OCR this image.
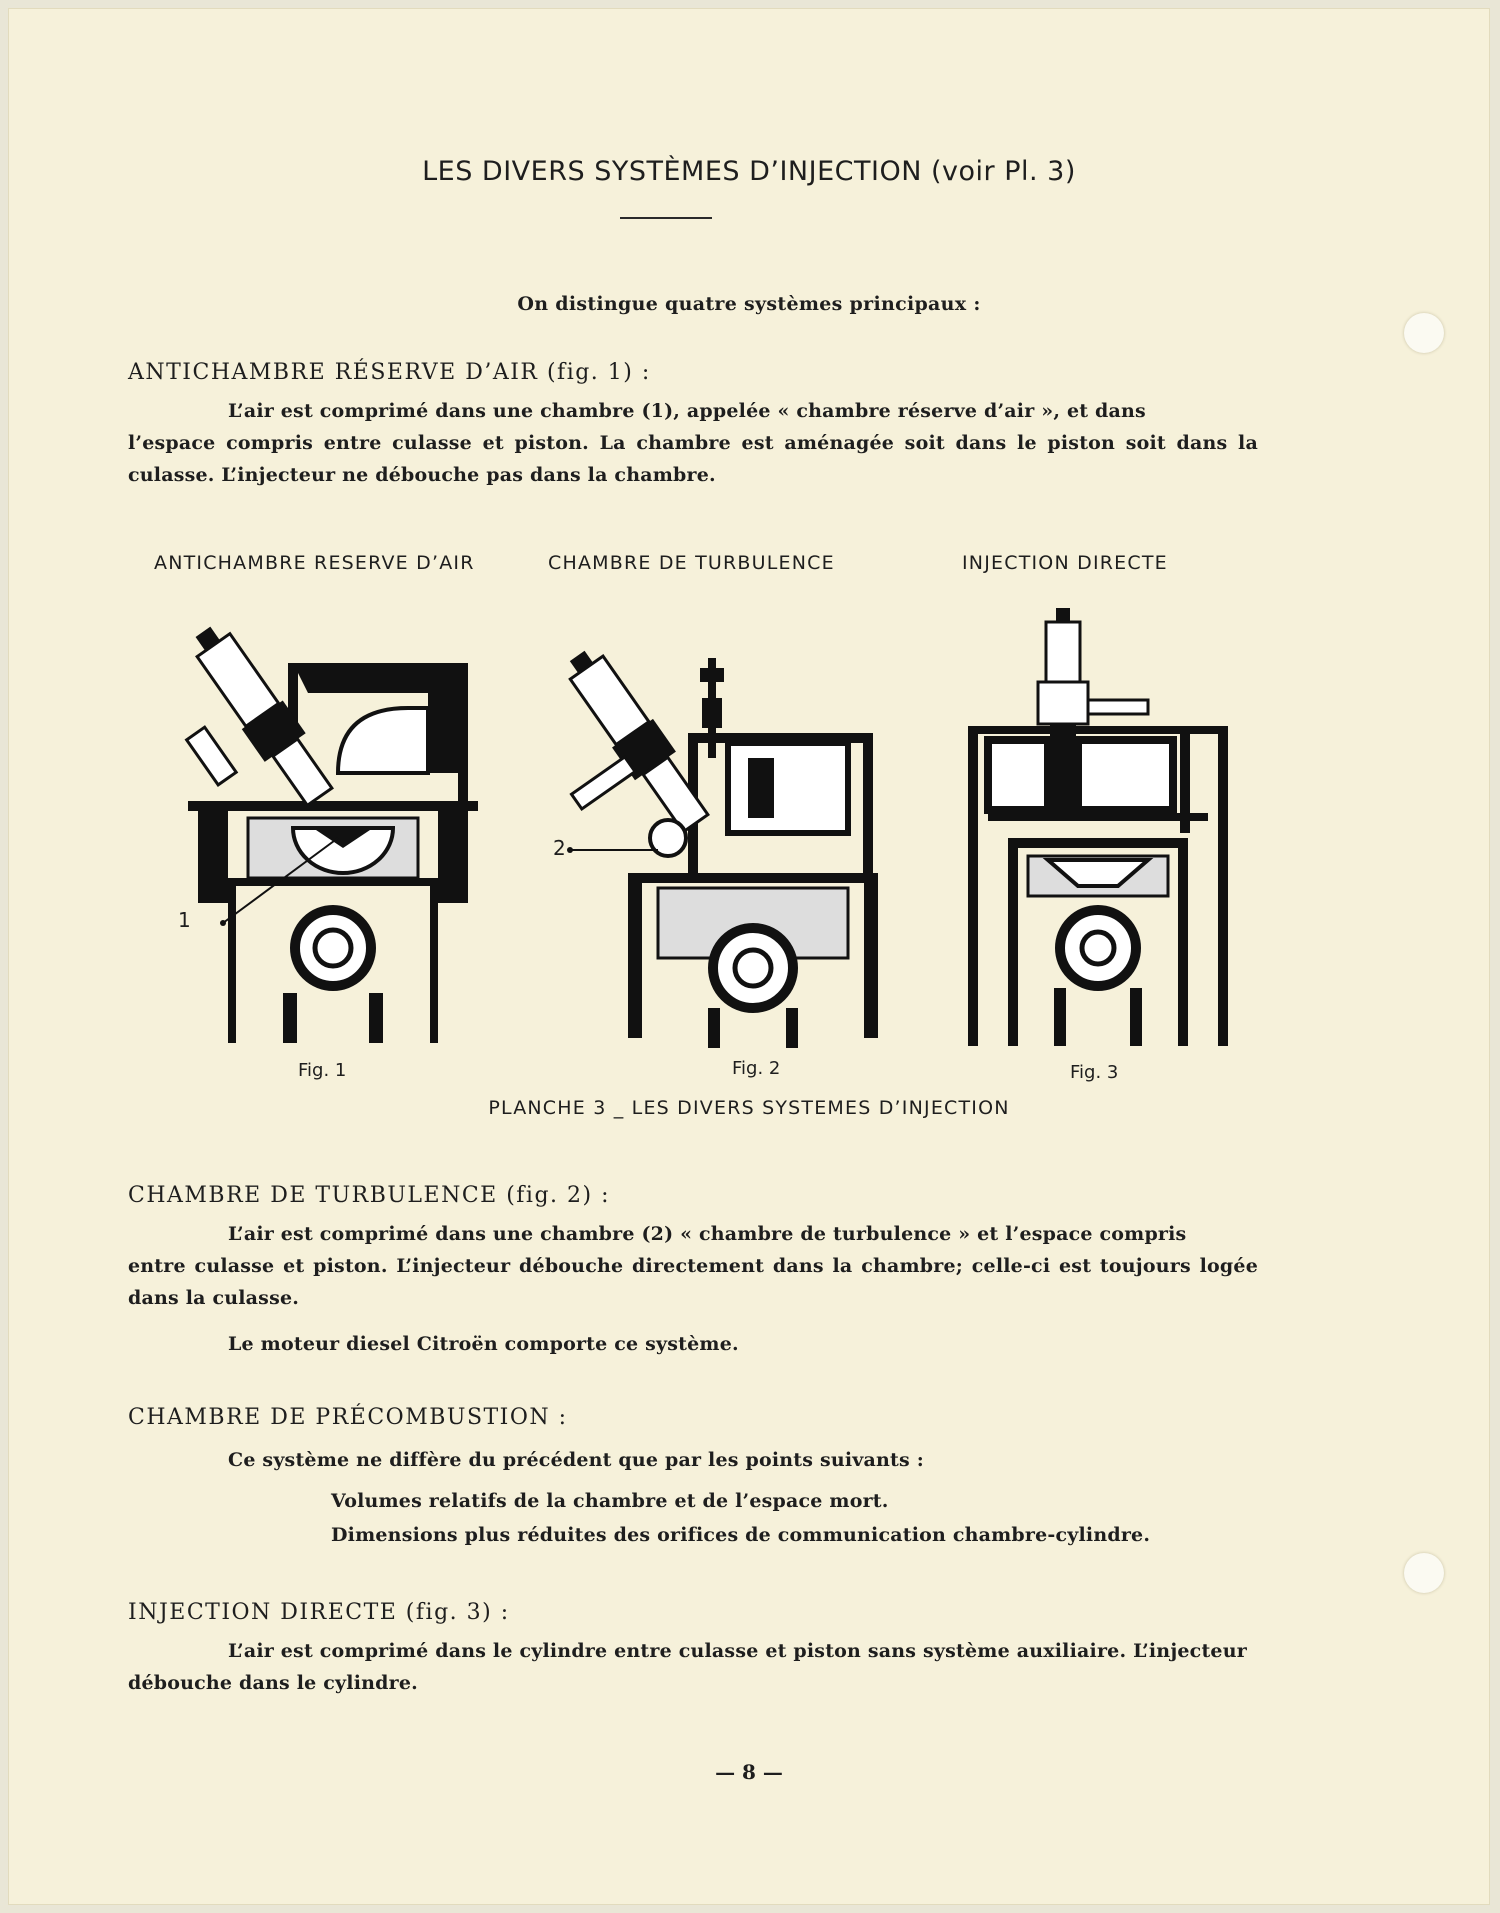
LES DIVERS SYSTÈMES D’INJECTION (voir Pl. 3)
On distingue quatre systèmes principaux :
ANTICHAMBRE RÉSERVE D’AIR (fig. 1) :
L’air est comprimé dans une chambre (1), appelée « chambre réserve d’air », et dans
l’espace compris entre culasse et piston. La chambre est aménagée soit dans le piston soit dans la culasse. L’injecteur ne débouche pas dans la chambre.
ANTICHAMBRE RESERVE D’AIR	CHAMBRE DE TURBULENCE	INJECTION DIRECTE
1
2
Fig. 1	Fig. 2	Fig. 3
PLANCHE 3 _ LES DIVERS SYSTEMES D’INJECTION
CHAMBRE DE TURBULENCE (fig. 2) :
L’air est comprimé dans une chambre (2) « chambre de turbulence » et l’espace compris
entre culasse et piston. L’injecteur débouche directement dans la chambre; celle-ci est toujours logée dans la culasse.
Le moteur diesel Citroën comporte ce système.
CHAMBRE DE PRÉCOMBUSTION :
Ce système ne diffère du précédent que par les points suivants :
Volumes relatifs de la chambre et de l’espace mort.
Dimensions plus réduites des orifices de communication chambre-cylindre.
INJECTION DIRECTE (fig. 3) :
L’air est comprimé dans le cylindre entre culasse et piston sans système auxiliaire. L’injecteur
débouche dans le cylindre.
— 8 —
